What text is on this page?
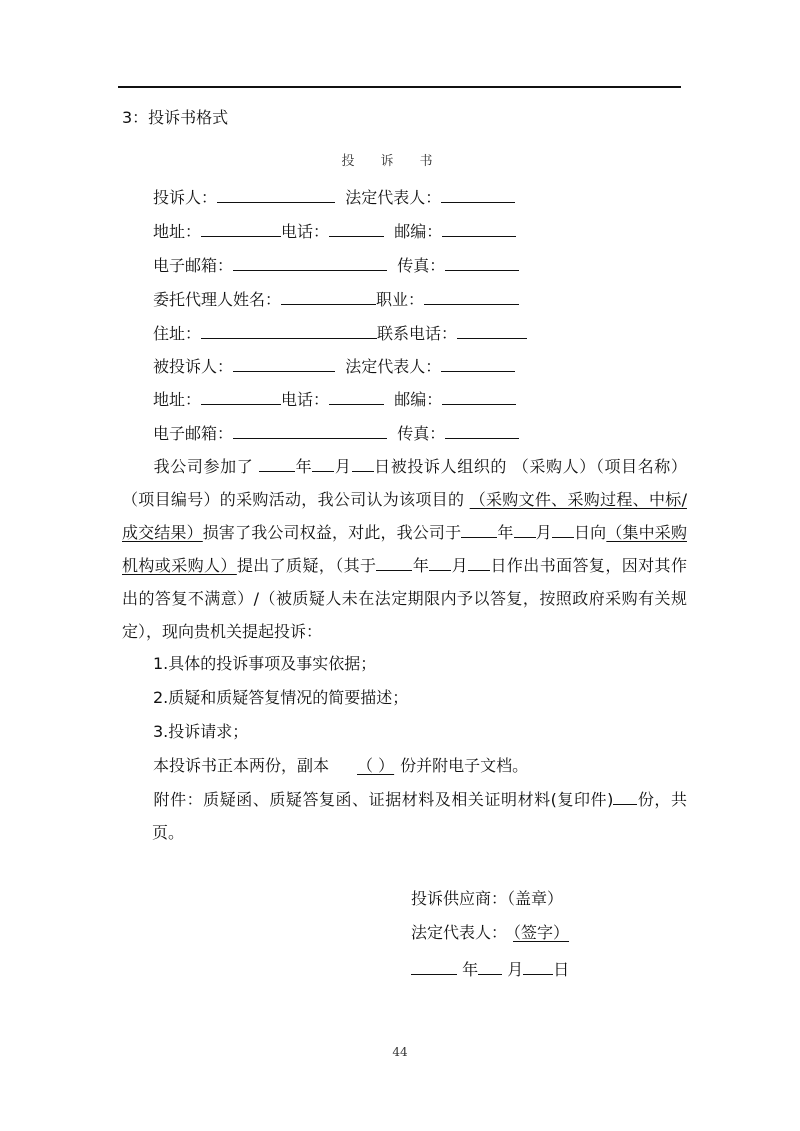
3：投诉书格式
投诉书
投诉人：	法定代表人：
地址：	电话：	邮编：
电子邮箱：	传真：
委托代理人姓名：	职业：
住址：	联系电话：
被投诉人：	法定代表人：
地址：	电话：	邮编：
电子邮箱：	传真：
我公司参加了	年 月 日被投诉人组织的 （采购人）（项目名称）（项目编号）的采购活动，我公司认为该项目的 （采购文件、采购过程、中标/成交结果）损害了我公司权益，对此，我公司于 年 月 日向（集中采购机构或采购人）提出了质疑，（其于 年 月 日作出书面答复，因对其作出的答复不满意）/（被质疑人未在法定期限内予以答复，按照政府采购有关规定），现向贵机关提起投诉：
1.具体的投诉事项及事实依据；
2.质疑和质疑答复情况的简要描述；
3.投诉请求；
本投诉书正本两份，副本 （ ） 份并附电子文档。
附件：质疑函、质疑答复函、证据材料及相关证明材料(复印件) 份，共页。
投诉供应商：（盖章）
法定代表人： （签字）
年 月 日
44
